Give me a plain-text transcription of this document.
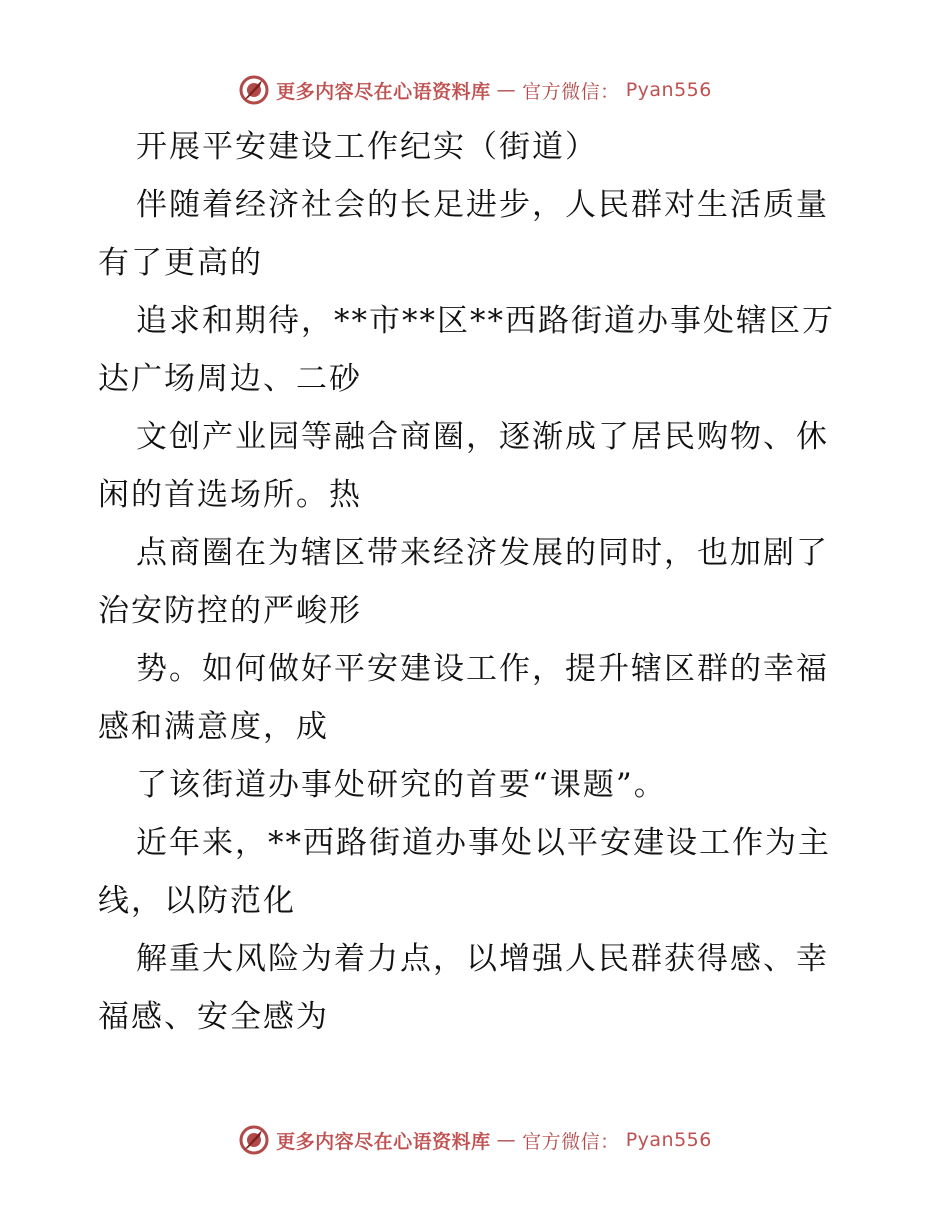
更多内容尽在心语资料库 — 官方微信： Pyan556
开展平安建设工作纪实（街道）
伴随着经济社会的长足进步，人民群对生活质量
有了更高的
追求和期待，**市**区**西路街道办事处辖区万
达广场周边、二砂
文创产业园等融合商圈，逐渐成了居民购物、休
闲的首选场所。热
点商圈在为辖区带来经济发展的同时，也加剧了
治安防控的严峻形
势。如何做好平安建设工作，提升辖区群的幸福
感和满意度，成
了该街道办事处研究的首要“课题”。
近年来，**西路街道办事处以平安建设工作为主
线，以防范化
解重大风险为着力点，以增强人民群获得感、幸
福感、安全感为
更多内容尽在心语资料库 — 官方微信： Pyan556
